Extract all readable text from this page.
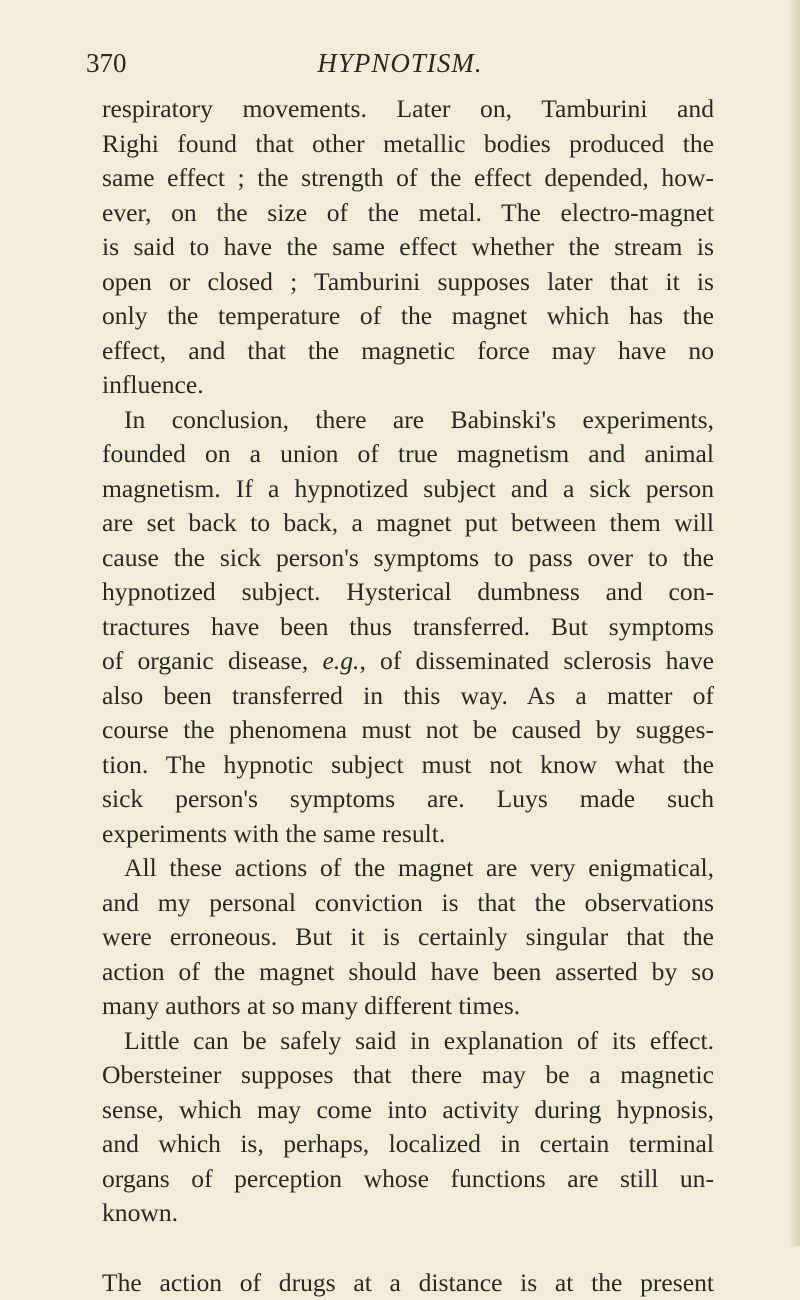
370	HYPNOTISM.
respiratory movements. Later on, Tamburini and
Righi found that other metallic bodies produced the
same effect ; the strength of the effect depended, how-
ever, on the size of the metal. The electro-magnet
is said to have the same effect whether the stream is
open or closed ; Tamburini supposes later that it is
only the temperature of the magnet which has the
effect, and that the magnetic force may have no
influence.
In conclusion, there are Babinski's experiments,
founded on a union of true magnetism and animal
magnetism. If a hypnotized subject and a sick person
are set back to back, a magnet put between them will
cause the sick person's symptoms to pass over to the
hypnotized subject. Hysterical dumbness and con-
tractures have been thus transferred. But symptoms
of organic disease, e.g., of disseminated sclerosis have
also been transferred in this way. As a matter of
course the phenomena must not be caused by sugges-
tion. The hypnotic subject must not know what the
sick person's symptoms are. Luys made such
experiments with the same result.
All these actions of the magnet are very enigmatical,
and my personal conviction is that the observations
were erroneous. But it is certainly singular that the
action of the magnet should have been asserted by so
many authors at so many different times.
Little can be safely said in explanation of its effect.
Obersteiner supposes that there may be a magnetic
sense, which may come into activity during hypnosis,
and which is, perhaps, localized in certain terminal
organs of perception whose functions are still un-
known.
The action of drugs at a distance is at the present
